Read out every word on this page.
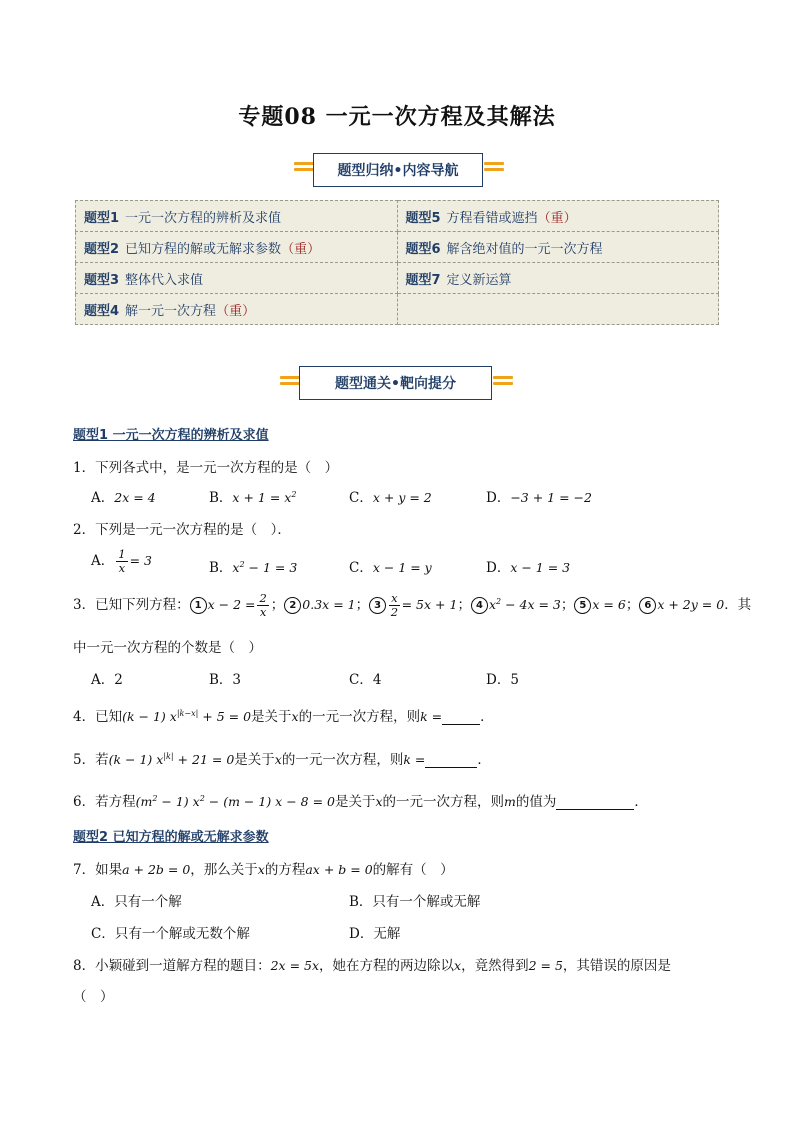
专题08 一元一次方程及其解法
题型归纳•内容导航
题型1 一元一次方程的辨析及求值	题型5 方程看错或遮挡（重）
题型2 已知方程的解或无解求参数（重）	题型6 解含绝对值的一元一次方程
题型3 整体代入求值	题型7 定义新运算
题型4 解一元一次方程（重）	
题型通关•靶向提分
题型1 一元一次方程的辨析及求值
1．下列各式中，是一元一次方程的是（　）
A．2x = 4	B．$x + 1 = x^2$	C．x + y = 2	D．−3 + 1 = −2
2．下列是一元一次方程的是（　）．
A． $\frac{1}{x} = 3$	B．$x^2 - 1 = 3$	C．x − 1 = y	D．x − 1 = 3
3．已知下列方程： 1 $x - 2 = \frac{2}{x}$ ； 2 0.3x = 1； $3 \frac{x}{2} = 5x + 1$； 4 $x^2 - 4x = 3$； 5 x = 6； 6 x + 2y = 0．其
中一元一次方程的个数是（　）
A．2	B．3	C．4	D．5
4．已知(k − 1) $x^{|k-x|} + 5 = 0$是关于x的一元一次方程，则k =	．
5．若(k − 1) $x^{|k|} + 21 = 0$是关于x的一元一次方程，则k =	．
6．若方程$(m^2 - 1) x^2 - (m - 1) x - 8 = 0$是关于x的一元一次方程，则m的值为	．
题型2 已知方程的解或无解求参数
7．如果a + 2b = 0，那么关于x的方程ax + b = 0的解有（　）
A．只有一个解	B．只有一个解或无解
C．只有一个解或无数个解	D．无解
8．小颖碰到一道解方程的题目：2x = 5x，她在方程的两边除以x，竟然得到2 = 5，其错误的原因是
（　）
